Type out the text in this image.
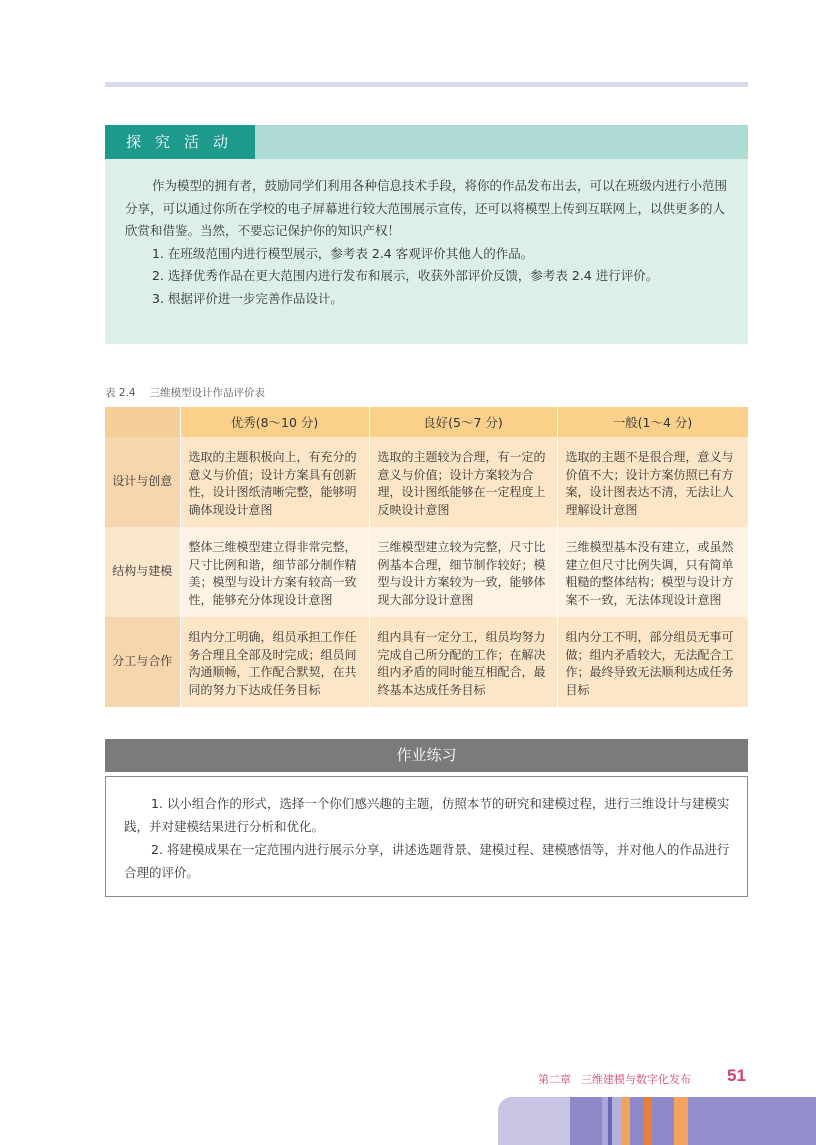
探究活动

作为模型的拥有者，鼓励同学们利用各种信息技术手段，将你的作品发布出去，可以在班级内进行小范围分享，可以通过你所在学校的电子屏幕进行较大范围展示宣传，还可以将模型上传到互联网上，以供更多的人欣赏和借鉴。当然，不要忘记保护你的知识产权！

1. 在班级范围内进行模型展示，参考表 2.4 客观评价其他人的作品。

2. 选择优秀作品在更大范围内进行发布和展示，收获外部评价反馈，参考表 2.4 进行评价。

3. 根据评价进一步完善作品设计。

表 2.4 三维模型设计作品评价表
	优秀(8～10 分)	良好(5～7 分)	一般(1～4 分)
设计与创意	选取的主题积极向上，有充分的意义与价值；设计方案具有创新性，设计图纸清晰完整，能够明确体现设计意图	选取的主题较为合理，有一定的意义与价值；设计方案较为合理，设计图纸能够在一定程度上反映设计意图	选取的主题不是很合理，意义与价值不大；设计方案仿照已有方案，设计图表达不清，无法让人理解设计意图
结构与建模	整体三维模型建立得非常完整，尺寸比例和谐，细节部分制作精美；模型与设计方案有较高一致性，能够充分体现设计意图	三维模型建立较为完整，尺寸比例基本合理，细节制作较好；模型与设计方案较为一致，能够体现大部分设计意图	三维模型基本没有建立，或虽然建立但尺寸比例失调，只有简单粗糙的整体结构；模型与设计方案不一致，无法体现设计意图
分工与合作	组内分工明确，组员承担工作任务合理且全部及时完成；组员间沟通顺畅，工作配合默契，在共同的努力下达成任务目标	组内具有一定分工，组员均努力完成自己所分配的工作；在解决组内矛盾的同时能互相配合，最终基本达成任务目标	组内分工不明，部分组员无事可做；组内矛盾较大，无法配合工作；最终导致无法顺利达成任务目标
作业练习

1. 以小组合作的形式，选择一个你们感兴趣的主题，仿照本节的研究和建模过程，进行三维设计与建模实践，并对建模结果进行分析和优化。

2. 将建模成果在一定范围内进行展示分享，讲述选题背景、建模过程、建模感悟等，并对他人的作品进行合理的评价。

第二章 三维建模与数字化发布	51
